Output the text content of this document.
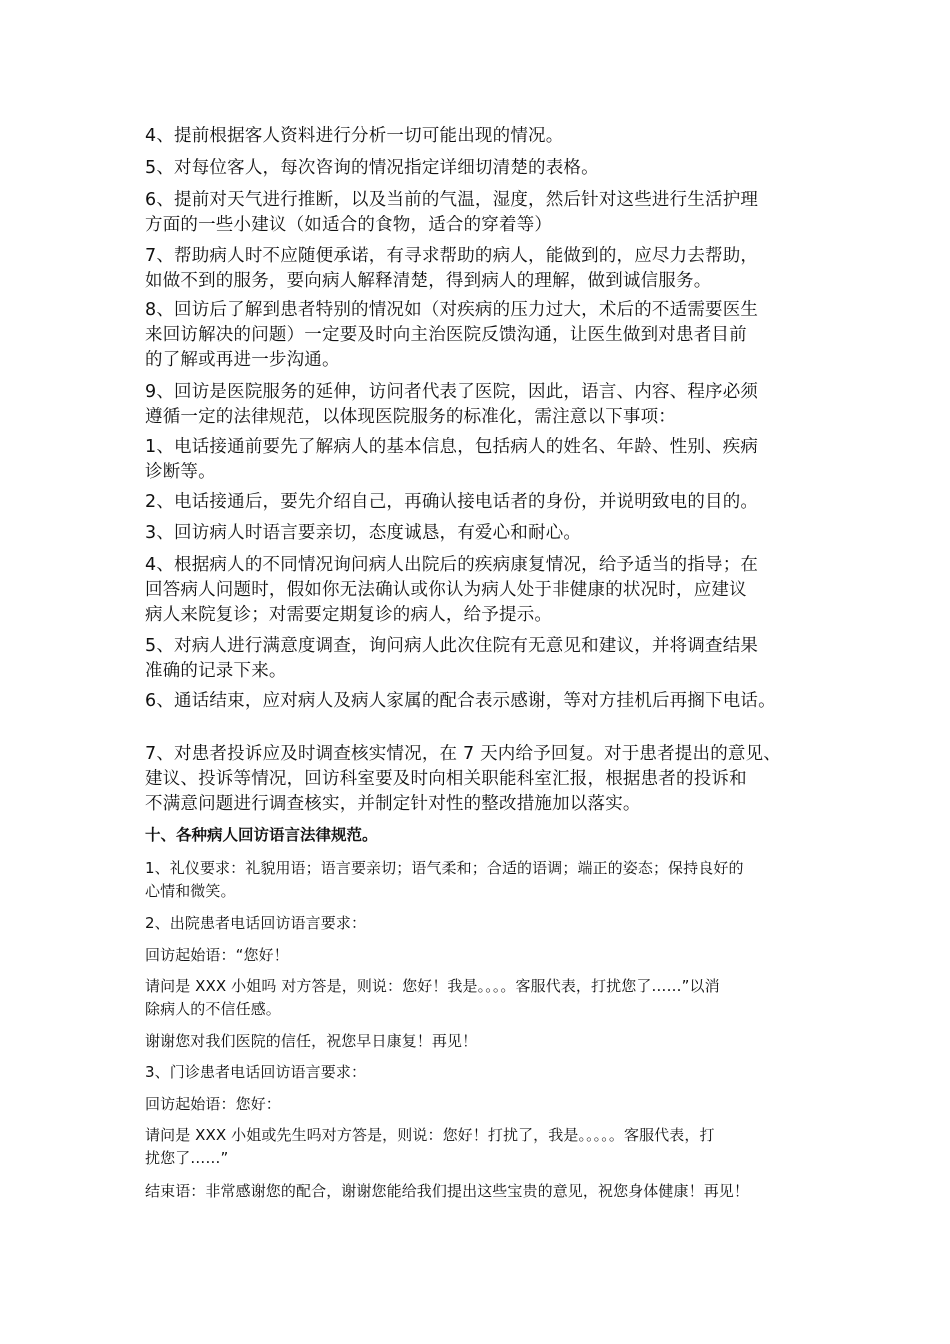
4、提前根据客人资料进行分析一切可能出现的情况。
5、对每位客人，每次咨询的情况指定详细切清楚的表格。
6、提前对天气进行推断，以及当前的气温，湿度，然后针对这些进行生活护理
方面的一些小建议（如适合的食物，适合的穿着等）
7、帮助病人时不应随便承诺，有寻求帮助的病人，能做到的，应尽力去帮助，
如做不到的服务，要向病人解释清楚，得到病人的理解，做到诚信服务。
8、回访后了解到患者特别的情况如（对疾病的压力过大，术后的不适需要医生
来回访解决的问题）一定要及时向主治医院反馈沟通，让医生做到对患者目前
的了解或再进一步沟通。
9、回访是医院服务的延伸，访问者代表了医院，因此，语言、内容、程序必须
遵循一定的法律规范，以体现医院服务的标准化，需注意以下事项：
1、电话接通前要先了解病人的基本信息，包括病人的姓名、年龄、性别、疾病
诊断等。
2、电话接通后，要先介绍自己，再确认接电话者的身份，并说明致电的目的。
3、回访病人时语言要亲切，态度诚恳，有爱心和耐心。
4、根据病人的不同情况询问病人出院后的疾病康复情况，给予适当的指导；在
回答病人问题时，假如你无法确认或你认为病人处于非健康的状况时，应建议
病人来院复诊；对需要定期复诊的病人，给予提示。
5、对病人进行满意度调查，询问病人此次住院有无意见和建议，并将调查结果
准确的记录下来。
6、通话结束，应对病人及病人家属的配合表示感谢，等对方挂机后再搁下电话。
7、对患者投诉应及时调查核实情况，在 7 天内给予回复。对于患者提出的意见、
建议、投诉等情况，回访科室要及时向相关职能科室汇报，根据患者的投诉和
不满意问题进行调查核实，并制定针对性的整改措施加以落实。
十、各种病人回访语言法律规范。
1、礼仪要求：礼貌用语；语言要亲切；语气柔和；合适的语调；端正的姿态；保持良好的
心情和微笑。
2、出院患者电话回访语言要求：
回访起始语：“您好！
请问是 XXX 小姐吗 对方答是，则说：您好！我是。。。。客服代表，打扰您了……”以消
除病人的不信任感。
谢谢您对我们医院的信任，祝您早日康复！再见！
3、门诊患者电话回访语言要求：
回访起始语：您好：
请问是 XXX 小姐或先生吗对方答是，则说：您好！打扰了，我是。。。。。客服代表，打
扰您了……”
结束语：非常感谢您的配合，谢谢您能给我们提出这些宝贵的意见，祝您身体健康！再见！
